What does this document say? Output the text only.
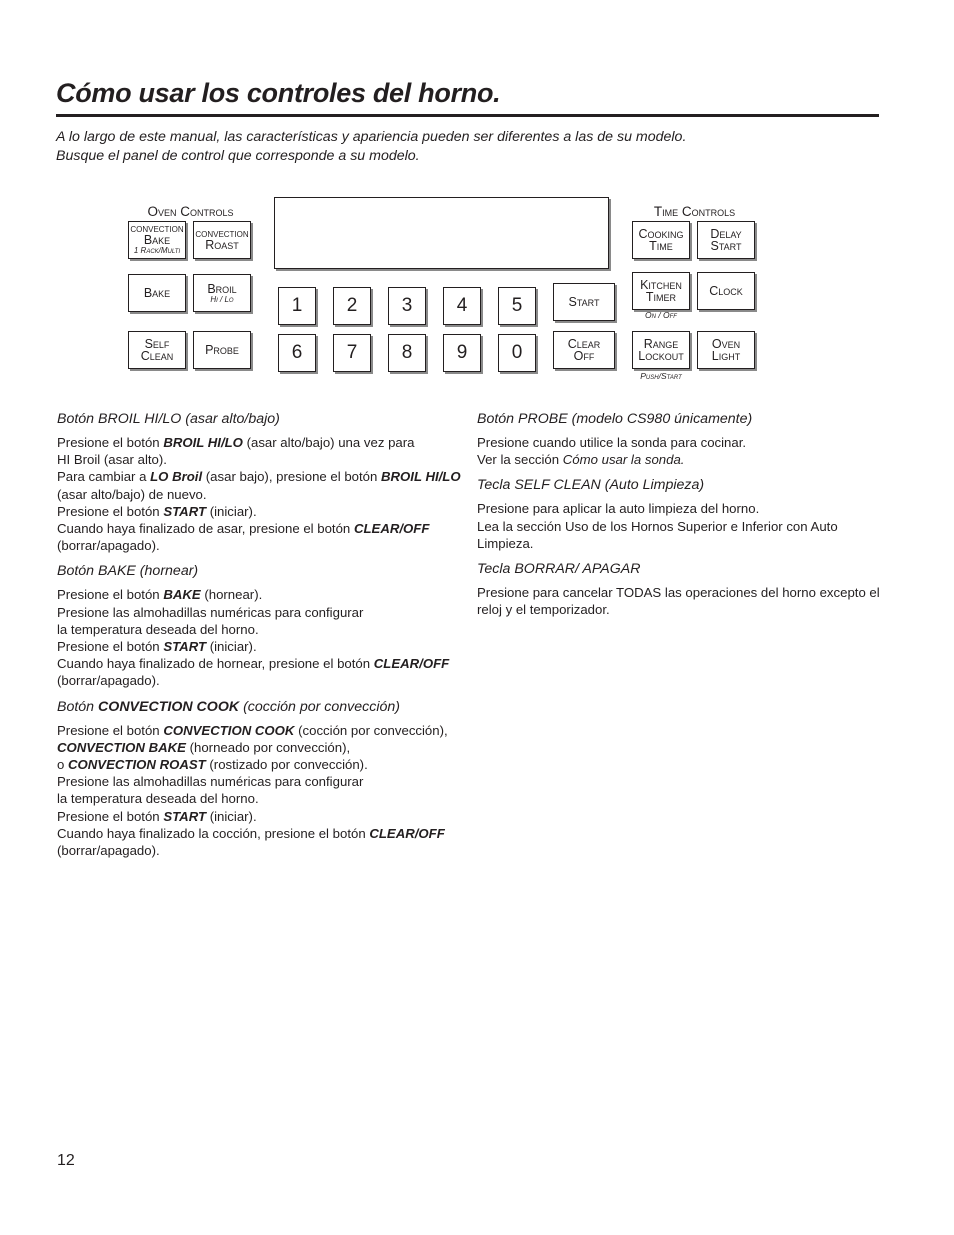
Cómo usar los controles del horno.

A lo largo de este manual, las características y apariencia pueden ser diferentes a las de su modelo.

Busque el panel de control que corresponde a su modelo.

Oven Controls	Time Controls
CONVECTION
Bake
1 Rack/Multi
CONVECTION
Roast
Bake	Broil
Hi / Lo
Self
Clean	Probe
1	2	3	4	5
6	7	8	9	0
Start
Clear
Off
Cooking
Time
Delay
Start
Kitchen
Timer
On / Off
Clock
Range
Lockout
Push/Start
Oven
Light
Botón BROIL HI/LO (asar alto/bajo)

Presione el botón BROIL HI/LO (asar alto/bajo) una vez para

HI Broil (asar alto).

Para cambiar a LO Broil (asar bajo), presione el botón BROIL HI/LO

(asar alto/bajo) de nuevo.

Presione el botón START (iniciar).

Cuando haya finalizado de asar, presione el botón CLEAR/OFF

(borrar/apagado).

Botón BAKE (hornear)

Presione el botón BAKE (hornear).

Presione las almohadillas numéricas para configurar

la temperatura deseada del horno.

Presione el botón START (iniciar).

Cuando haya finalizado de hornear, presione el botón CLEAR/OFF

(borrar/apagado).

Botón CONVECTION COOK (cocción por convección)

Presione el botón CONVECTION COOK (cocción por convección),

CONVECTION BAKE (horneado por convección),

o CONVECTION ROAST (rostizado por convección).

Presione las almohadillas numéricas para configurar

la temperatura deseada del horno.

Presione el botón START (iniciar).

Cuando haya finalizado la cocción, presione el botón CLEAR/OFF

(borrar/apagado).

Botón PROBE (modelo CS980 únicamente)

Presione cuando utilice la sonda para cocinar.

Ver la sección Cómo usar la sonda.

Tecla SELF CLEAN (Auto Limpieza)

Presione para aplicar la auto limpieza del horno.

Lea la sección Uso de los Hornos Superior e Inferior con Auto Limpieza.

Tecla BORRAR/ APAGAR

Presione para cancelar TODAS las operaciones del horno excepto el reloj y el temporizador.

12
